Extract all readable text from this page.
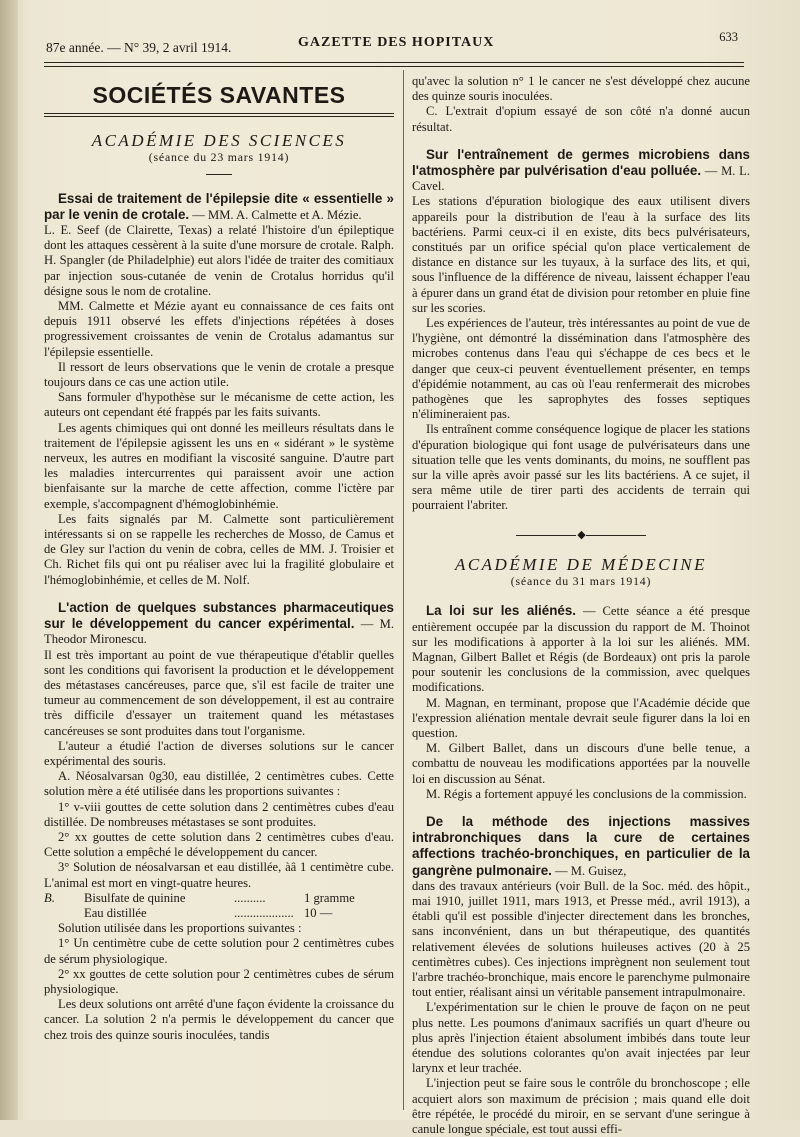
87e année. — N° 39, 2 avril 1914.	GAZETTE DES HOPITAUX	633
SOCIÉTÉS SAVANTES
ACADÉMIE DES SCIENCES
(séance du 23 mars 1914)

Essai de traitement de l'épilepsie dite « essentielle » par le venin de crotale. — MM. A. Calmette et A. Mézie.

L. E. Seef (de Clairette, Texas) a relaté l'histoire d'un épileptique dont les attaques cessèrent à la suite d'une morsure de crotale. Ralph. H. Spangler (de Philadelphie) eut alors l'idée de traiter des comitiaux par injection sous-cutanée de venin de Crotalus horridus qu'il désigne sous le nom de crotaline.

MM. Calmette et Mézie ayant eu connaissance de ces faits ont depuis 1911 observé les effets d'injections répétées à doses progressivement croissantes de venin de Crotalus adamantus sur l'épilepsie essentielle.

Il ressort de leurs observations que le venin de crotale a presque toujours dans ce cas une action utile.

Sans formuler d'hypothèse sur le mécanisme de cette action, les auteurs ont cependant été frappés par les faits suivants.

Les agents chimiques qui ont donné les meilleurs résultats dans le traitement de l'épilepsie agissent les uns en « sidérant » le système nerveux, les autres en modifiant la viscosité sanguine. D'autre part les maladies intercurrentes qui paraissent avoir une action bienfaisante sur la marche de cette affection, comme l'ictère par exemple, s'accompagnent d'hémoglobinhémie.

Les faits signalés par M. Calmette sont particulièrement intéressants si on se rappelle les recherches de Mosso, de Camus et de Gley sur l'action du venin de cobra, celles de MM. J. Troisier et Ch. Richet fils qui ont pu réaliser avec lui la fragilité globulaire et l'hémoglobinhémie, et celles de M. Nolf.

L'action de quelques substances pharmaceutiques sur le développement du cancer expérimental. — M. Theodor Mironescu.

Il est très important au point de vue thérapeutique d'établir quelles sont les conditions qui favorisent la production et le développement des métastases cancéreuses, parce que, s'il est facile de traiter une tumeur au commencement de son développement, il est au contraire très difficile d'essayer un traitement quand les métastases cancéreuses se sont produites dans tout l'organisme.

L'auteur a étudié l'action de diverses solutions sur le cancer expérimental des souris.

A. Néosalvarsan 0g30, eau distillée, 2 centimètres cubes. Cette solution mère a été utilisée dans les proportions suivantes :

1° v-viii gouttes de cette solution dans 2 centimètres cubes d'eau distillée. De nombreuses métastases se sont produites.

2° xx gouttes de cette solution dans 2 centimètres cubes d'eau. Cette solution a empêché le développement du cancer.

3° Solution de néosalvarsan et eau distillée, àâ 1 centimètre cube. L'animal est mort en vingt-quatre heures.

B.	Bisulfate de quinine	..........	1 gramme
Eau distillée	................... 10 —

Solution utilisée dans les proportions suivantes :

1° Un centimètre cube de cette solution pour 2 centimètres cubes de sérum physiologique.

2° xx gouttes de cette solution pour 2 centimètres cubes de sérum physiologique.

Les deux solutions ont arrêté d'une façon évidente la croissance du cancer. La solution 2 n'a permis le développement du cancer que chez trois des quinze souris inoculées, tandis

qu'avec la solution n° 1 le cancer ne s'est développé chez aucune des quinze souris inoculées.

C. L'extrait d'opium essayé de son côté n'a donné aucun résultat.

Sur l'entraînement de germes microbiens dans l'atmosphère par pulvérisation d'eau polluée. — M. L. Cavel.

Les stations d'épuration biologique des eaux utilisent divers appareils pour la distribution de l'eau à la surface des lits bactériens. Parmi ceux-ci il en existe, dits becs pulvérisateurs, constitués par un orifice spécial qu'on place verticalement de distance en distance sur les tuyaux, à la surface des lits, et qui, sous l'influence de la différence de niveau, laissent échapper l'eau à épurer dans un grand état de division pour retomber en pluie fine sur les scories.

Les expériences de l'auteur, très intéressantes au point de vue de l'hygiène, ont démontré la dissémination dans l'atmosphère des microbes contenus dans l'eau qui s'échappe de ces becs et le danger que ceux-ci peuvent éventuellement présenter, en temps d'épidémie notamment, au cas où l'eau renfermerait des microbes pathogènes que les saprophytes des fosses septiques n'élimineraient pas.

Ils entraînent comme conséquence logique de placer les stations d'épuration biologique qui font usage de pulvérisateurs dans une situation telle que les vents dominants, du moins, ne soufflent pas sur la ville après avoir passé sur les lits bactériens. A ce sujet, il sera même utile de tirer parti des accidents de terrain qui pourraient l'abriter.

◆
ACADÉMIE DE MÉDECINE
(séance du 31 mars 1914)

La loi sur les aliénés. — Cette séance a été presque entièrement occupée par la discussion du rapport de M. Thoinot sur les modifications à apporter à la loi sur les aliénés. MM. Magnan, Gilbert Ballet et Régis (de Bordeaux) ont pris la parole pour soutenir les conclusions de la commission, avec quelques modifications.

M. Magnan, en terminant, propose que l'Académie décide que l'expression aliénation mentale devrait seule figurer dans la loi en question.

M. Gilbert Ballet, dans un discours d'une belle tenue, a combattu de nouveau les modifications apportées par la nouvelle loi en discussion au Sénat.

M. Régis a fortement appuyé les conclusions de la commission.

De la méthode des injections massives intrabronchiques dans la cure de certaines affections trachéo-bronchiques, en particulier de la gangrène pulmonaire. — M. Guisez,

dans des travaux antérieurs (voir Bull. de la Soc. méd. des hôpit., mai 1910, juillet 1911, mars 1913, et Presse méd., avril 1913), a établi qu'il est possible d'injecter directement dans les bronches, sans inconvénient, dans un but thérapeutique, des quantités relativement élevées de solutions huileuses actives (20 à 25 centimètres cubes). Ces injections imprègnent non seulement tout l'arbre trachéo-bronchique, mais encore le parenchyme pulmonaire tout entier, réalisant ainsi un véritable pansement intrapulmonaire.

L'expérimentation sur le chien le prouve de façon on ne peut plus nette. Les poumons d'animaux sacrifiés un quart d'heure ou plus après l'injection étaient absolument imbibés dans toute leur étendue des solutions colorantes qu'on avait injectées par leur larynx et leur trachée.

L'injection peut se faire sous le contrôle du bronchoscope ; elle acquiert alors son maximum de précision ; mais quand elle doit être répétée, le procédé du miroir, en se servant d'une seringue à canule longue spéciale, est tout aussi effi-
